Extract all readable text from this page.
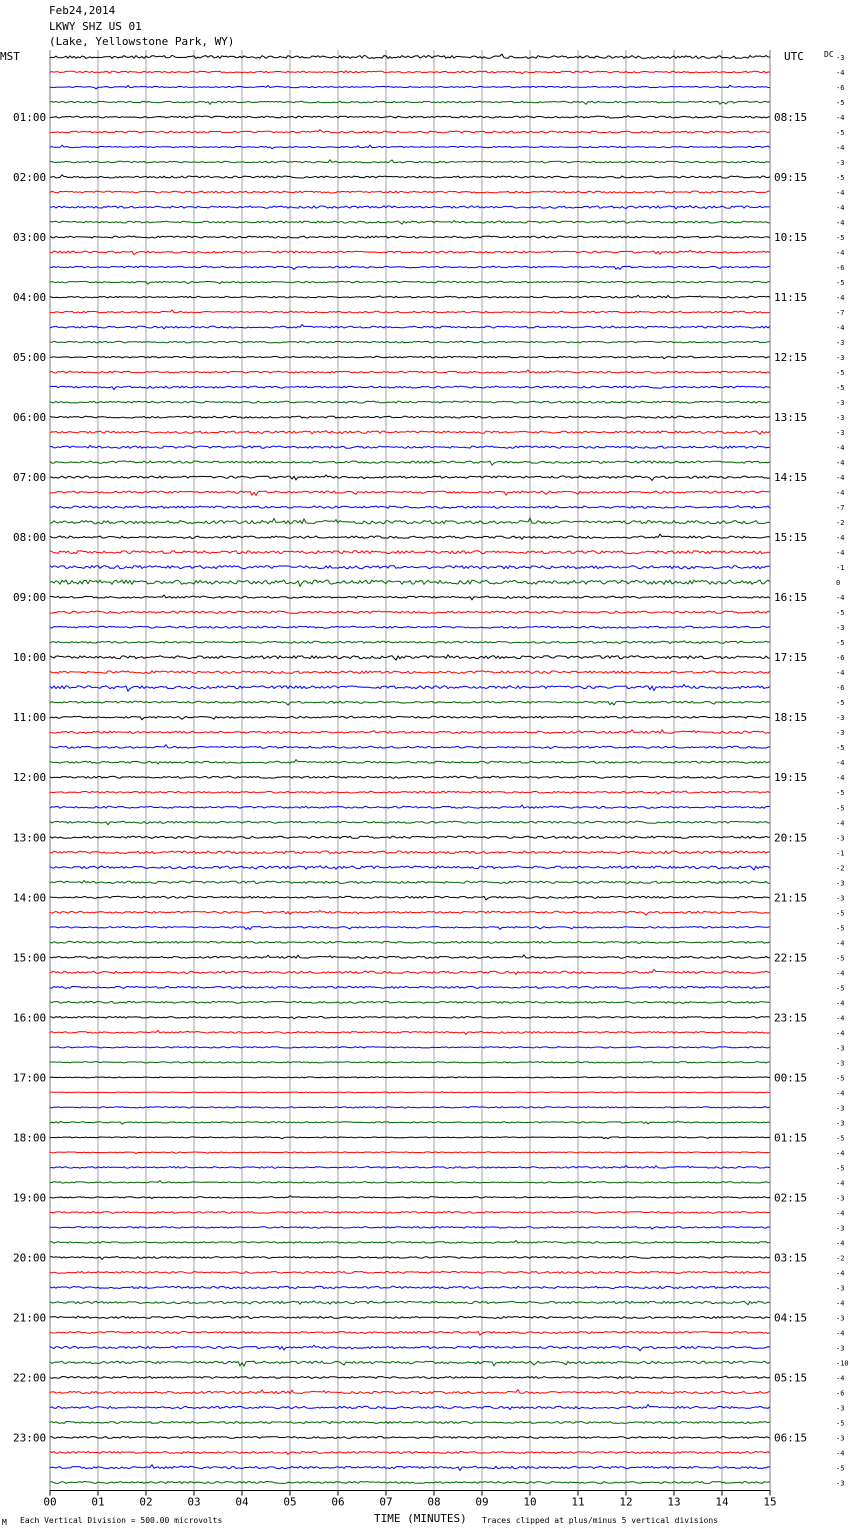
Feb24,2014
LKWY SHZ US 01
(Lake, Yellowstone Park, WY)
MST	UTC	DC -3
-4
-6
-5
-4
-5
-4
-3
-5
-4
-4
-4
-5
-4
-6
-5
-4
-7
-4
-3
-3
-5
-5
-3
-3
-3
-4
-4
-4
-4
-7
-2
-4
-4
-1
0
-4
-5
-3
-5
-6
-4
-6
-5
-3
-3
-5
-4
-4
-5
-5
-4
-3
-1
-2
-3
-3
-5
-5
-4
-5
-4
-5
-4
-4
-4
-3
-3
-5
-4
-3
-3
-5
-4
-5
-4
-3
-4
-3
-4
-2
-4
-3
-4
-3
-4
-3
-10
-4
-6
-3
-5
-3
-4
-5
-3
01:00	08:15
02:00	09:15
03:00	10:15
04:00	11:15
05:00	12:15
06:00	13:15
07:00	14:15
08:00	15:15
09:00	16:15
10:00	17:15
11:00	18:15
12:00	19:15
13:00	20:15
14:00	21:15
15:00	22:15
16:00	23:15
17:00	00:15
18:00	01:15
19:00	02:15
20:00	03:15
21:00	04:15
22:00	05:15
23:00	06:15
00	01	02	03	04	05	06	07	08	09	10	11	12	13	14	15
M Each Vertical Division = 500.00 microvolts	TIME (MINUTES) Traces clipped at plus/minus 5 vertical divisions
